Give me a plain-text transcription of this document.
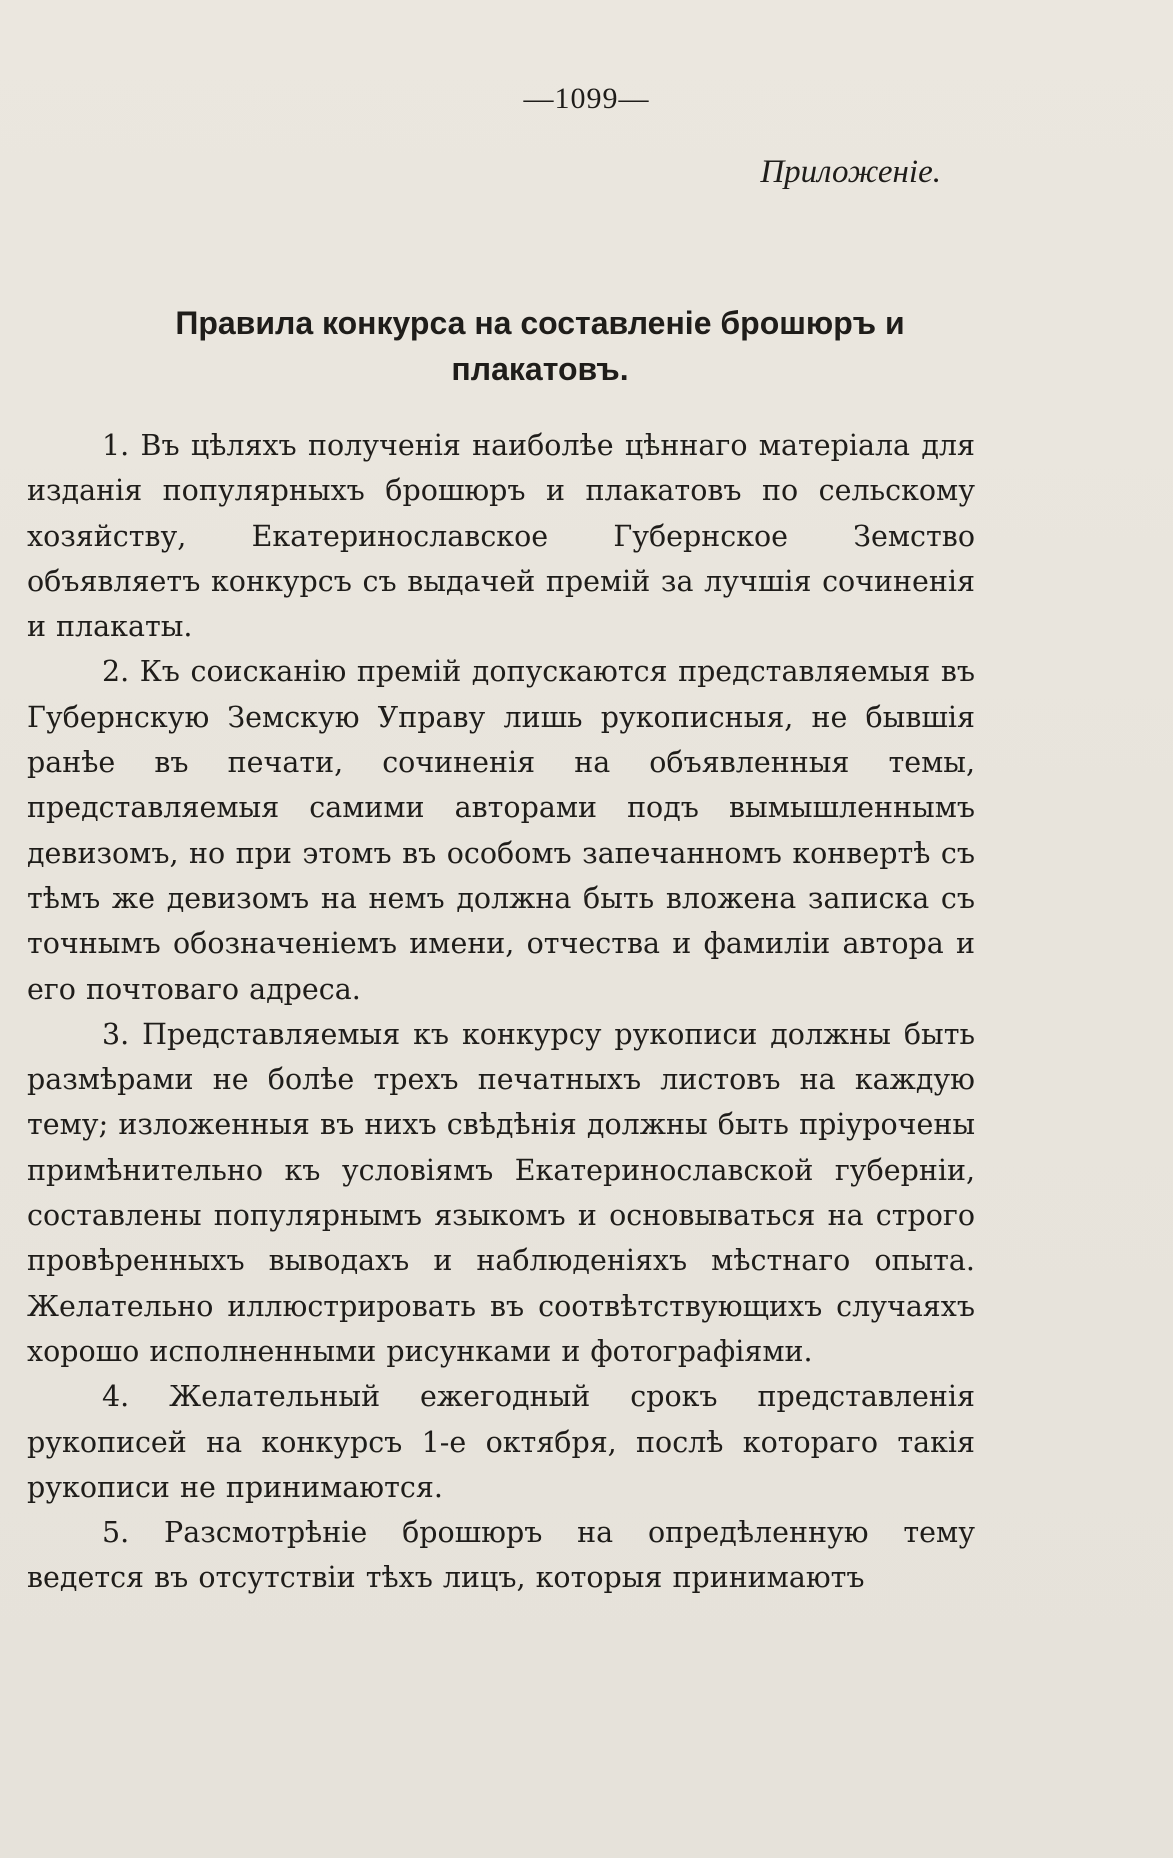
—1099—
Приложенiе.
Правила конкурса на составленiе брошюръ и плакатовъ.

1. Въ цѣляхъ полученiя наиболѣе цѣннаго матерiала для изданiя популярныхъ брошюръ и плакатовъ по сельскому хозяйству, Екатеринославское Губернское Земство объявляетъ конкурсъ съ выдачей премiй за лучшiя сочиненiя и плакаты.

2. Къ соисканiю премiй допускаются представляемыя въ Губернскую Земскую Управу лишь рукописныя, не бывшiя ранѣе въ печати, сочиненiя на объявленныя темы, представляемыя самими авторами подъ вымышленнымъ девизомъ, но при этомъ въ особомъ запечанномъ конвертѣ съ тѣмъ же девизомъ на немъ должна быть вложена записка съ точнымъ обозначенiемъ имени, отчества и фамилiи автора и его почтоваго адреса.

3. Представляемыя къ конкурсу рукописи должны быть размѣрами не болѣе трехъ печатныхъ листовъ на каждую тему; изложенныя въ нихъ свѣдѣнiя должны быть прiурочены примѣнительно къ условiямъ Екатеринославской губернiи, составлены популярнымъ языкомъ и основываться на строго провѣренныхъ выводахъ и наблюденiяхъ мѣстнаго опыта. Желательно иллюстрировать въ соотвѣтствующихъ случаяхъ хорошо исполненными рисунками и фотографiями.

4. Желательный ежегодный срокъ представленiя рукописей на конкурсъ 1-е октября, послѣ котораго такiя рукописи не принимаются.

5. Разсмотрѣнiе брошюръ на опредѣленную тему ведется въ отсутствiи тѣхъ лицъ, которыя принимаютъ
